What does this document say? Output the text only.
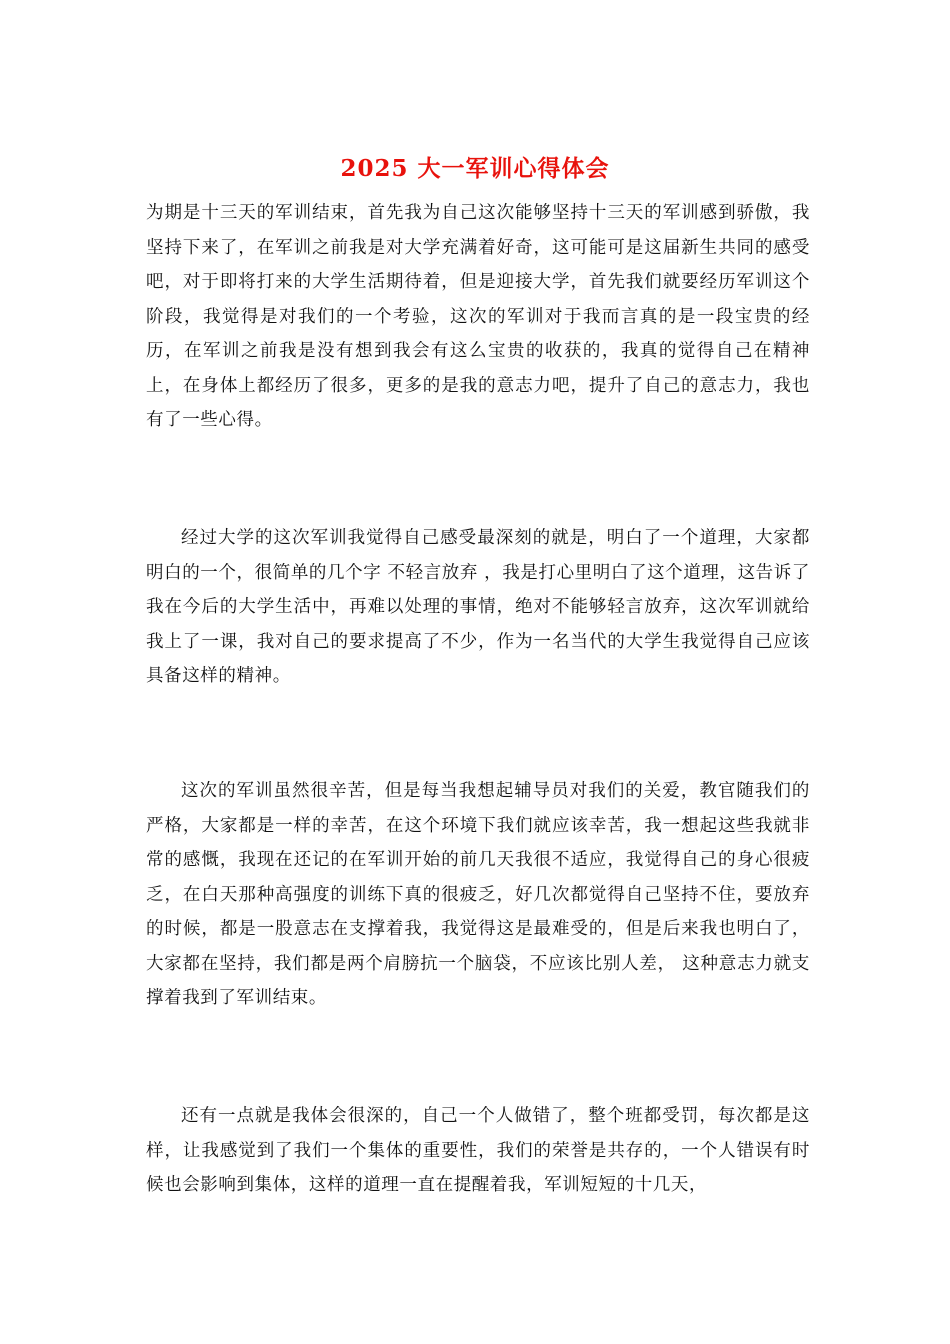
2025 大一军训心得体会

为期是十三天的军训结束，首先我为自己这次能够坚持十三天的军训感到骄傲，我坚持下来了，在军训之前我是对大学充满着好奇，这可能可是这届新生共同的感受吧，对于即将打来的大学生活期待着，但是迎接大学，首先我们就要经历军训这个阶段，我觉得是对我们的一个考验，这次的军训对于我而言真的是一段宝贵的经历，在军训之前我是没有想到我会有这么宝贵的收获的，我真的觉得自己在精神上，在身体上都经历了很多，更多的是我的意志力吧，提升了自己的意志力，我也有了一些心得。

经过大学的这次军训我觉得自己感受最深刻的就是，明白了一个道理，大家都明白的一个，很简单的几个字 不轻言放弃 ，我是打心里明白了这个道理，这告诉了我在今后的大学生活中，再难以处理的事情，绝对不能够轻言放弃，这次军训就给我上了一课，我对自己的要求提高了不少，作为一名当代的大学生我觉得自己应该具备这样的精神。

这次的军训虽然很辛苦，但是每当我想起辅导员对我们的关爱，教官随我们的严格，大家都是一样的幸苦，在这个环境下我们就应该幸苦，我一想起这些我就非常的感慨，我现在还记的在军训开始的前几天我很不适应，我觉得自己的身心很疲乏，在白天那种高强度的训练下真的很疲乏，好几次都觉得自己坚持不住，要放弃的时候，都是一股意志在支撑着我，我觉得这是最难受的，但是后来我也明白了，大家都在坚持，我们都是两个肩膀抗一个脑袋，不应该比别人差， 这种意志力就支撑着我到了军训结束。

还有一点就是我体会很深的，自己一个人做错了，整个班都受罚，每次都是这样，让我感觉到了我们一个集体的重要性，我们的荣誉是共存的，一个人错误有时候也会影响到集体，这样的道理一直在提醒着我，军训短短的十几天，
